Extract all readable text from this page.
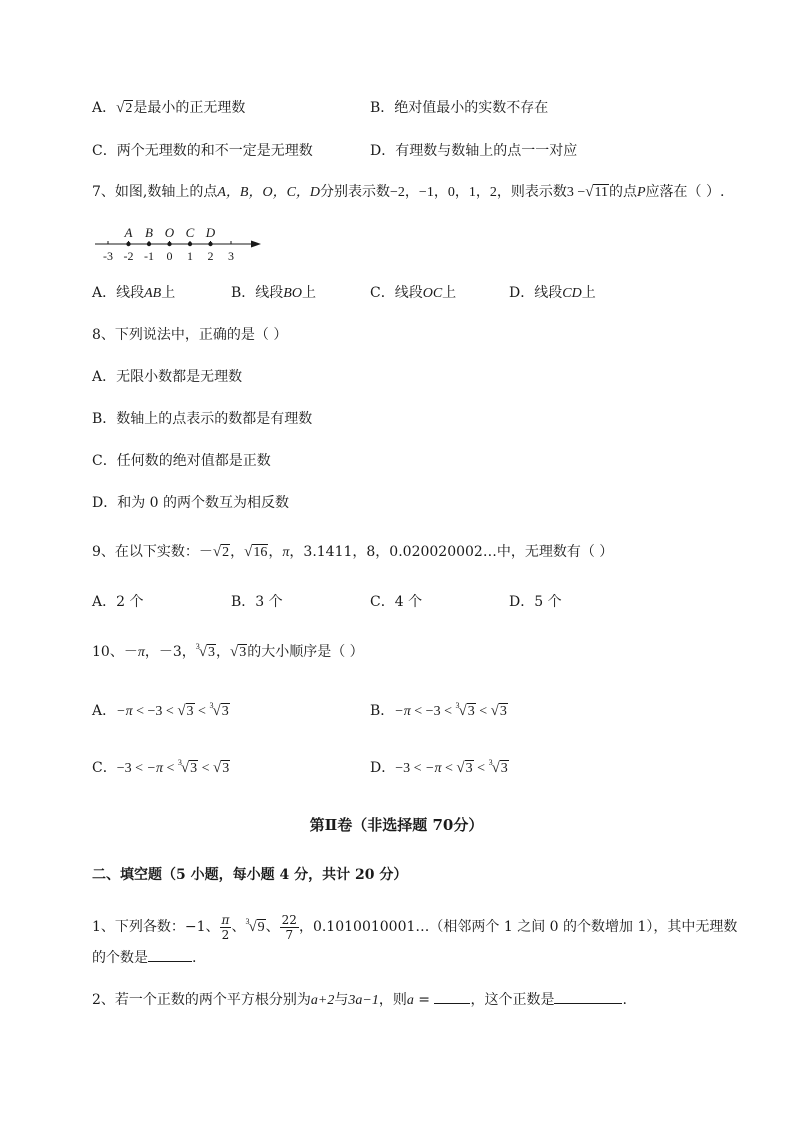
A．√2是最小的正无理数	B．绝对值最小的实数不存在
C．两个无理数的和不一定是无理数	D．有理数与数轴上的点一一对应
7、如图,数轴上的点A，B，O，C，D分别表示数−2，−1，0，1，2，则表示数3 −√11的点P应落在（ ）.
A B O C D
-3 -2 -1 0 1 2 3
A．线段AB上	B．线段BO上	C．线段OC上	D．线段CD上
8、下列说法中，正确的是（ ）
A．无限小数都是无理数
B．数轴上的点表示的数都是有理数
C．任何数的绝对值都是正数
D．和为 0 的两个数互为相反数
9、在以下实数：－√2，√16，π，3.1411，8，0.020020002…中，无理数有（ ）
A．2 个	B．3 个	C．4 个	D．5 个
10、－π，－3， 3 √3，√3的大小顺序是（ ）
A．−π < −3 < √3 < 3 √3	B．−π < −3 < 3 √3 < √3
C．−3 < −π < 3 √3 < √3	D．−3 < −π < √3 < 3 √3
第Ⅱ卷（非选择题 70分）
二、填空题（5 小题，每小题 4 分，共计 20 分）
1、下列各数：−1、 $\frac{\pi}{2}$ 、 3 √9、 $\frac{22}{7}$ ，0.1010010001…（相邻两个 1 之间 0 的个数增加 1），其中无理数
的个数是	.
2、若一个正数的两个平方根分别为a+2与3a−1，则a =	，这个正数是	.
